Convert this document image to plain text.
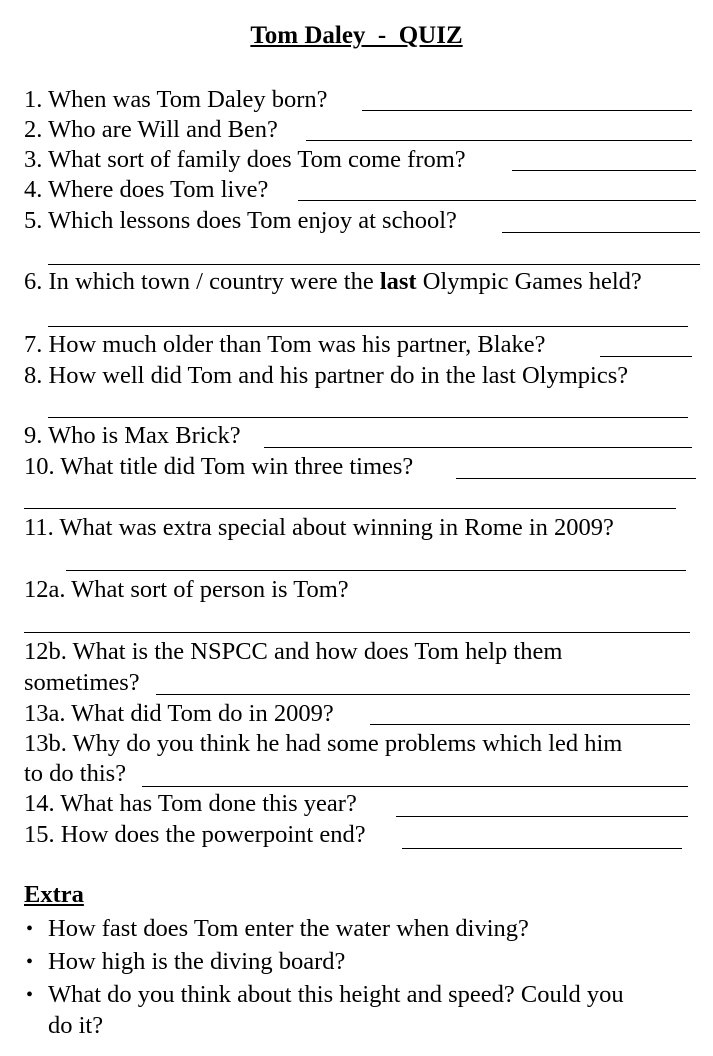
Tom Daley  -  QUIZ
1. When was Tom Daley born?
2. Who are Will and Ben?
3. What sort of family does Tom come from?
4. Where does Tom live?
5. Which lessons does Tom enjoy at school?
6. In which town / country were the last Olympic Games held?
7. How much older than Tom was his partner, Blake?
8. How well did Tom and his partner do in the last Olympics?
9. Who is Max Brick?
10. What title did Tom win three times?
11. What was extra special about winning in Rome in 2009?
12a. What sort of person is Tom?
12b. What is the NSPCC and how does Tom help them
sometimes?
13a. What did Tom do in 2009?
13b. Why do you think he had some problems which led him
to do this?
14. What has Tom done this year?
15. How does the powerpoint end?
Extra
• How fast does Tom enter the water when diving?
• How high is the diving board?
• What do you think about this height and speed? Could you
do it?
